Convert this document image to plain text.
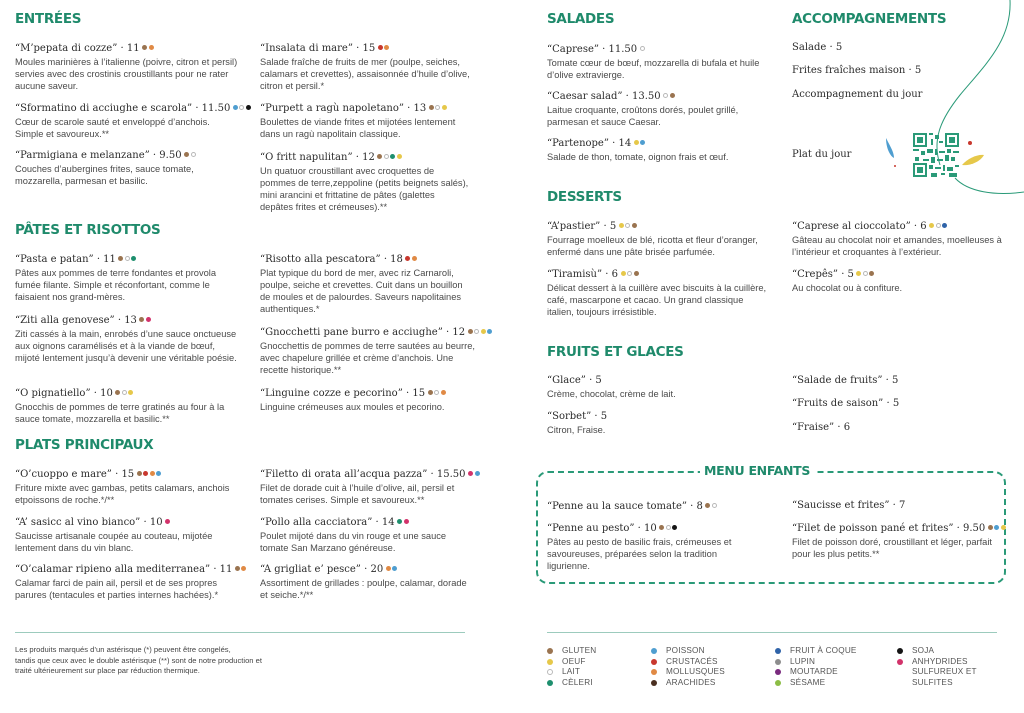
ENTRÉES
“M’pepata di cozze” · 11
Moules marinières à l’italienne (poivre, citron et persil) servies avec des crostinis croustillants pour ne rater aucune saveur.
“Sformatino di acciughe e scarola” · 11.50
Cœur de scarole sauté et enveloppé d’anchois. Simple et savoureux.**
“Parmigiana e melanzane” · 9.50
Couches d’aubergines frites, sauce tomate, mozzarella, parmesan et basilic.
“Insalata di mare” · 15
Salade fraîche de fruits de mer (poulpe, seiches, calamars et crevettes), assaisonnée d’huile d’olive, citron et persil.*
“Purpett a ragù napoletano” · 13
Boulettes de viande frites et mijotées lentement dans un ragù napolitain classique.
“O fritt napulitan” · 12
Un quatuor croustillant avec croquettes de pommes de terre,zeppoline (petits beignets salés), mini arancini et frittatine de pâtes (galettes depâtes frites et crémeuses).**
PÂTES ET RISOTTOS
“Pasta e patan” · 11
Pâtes aux pommes de terre fondantes et provola fumée filante. Simple et réconfortant, comme le faisaient nos grand-mères.
“Ziti alla genovese” · 13
Ziti cassés à la main, enrobés d’une sauce onctueuse aux oignons caramélisés et à la viande de bœuf, mijoté lentement jusqu’à devenir une véritable poésie.
“O pignatiello” · 10
Gnocchis de pommes de terre gratinés au four à la sauce tomate, mozzarella et basilic.**
“Risotto alla pescatora” · 18
Plat typique du bord de mer, avec riz Carnaroli, poulpe, seiche et crevettes. Cuit dans un bouillon de moules et de palourdes. Saveurs napolitaines authentiques.*
“Gnocchetti pane burro e acciughe” · 12
Gnocchettis de pommes de terre sautées au beurre, avec chapelure grillée et crème d’anchois. Une recette historique.**
“Linguine cozze e pecorino” · 15
Linguine crémeuses aux moules et pecorino.
PLATS PRINCIPAUX
“O’cuoppo e mare” · 15
Friture mixte avec gambas, petits calamars, anchois etpoissons de roche.*/**
“A’ sasicc al vino bianco” · 10
Saucisse artisanale coupée au couteau, mijotée lentement dans du vin blanc.
“O’calamar ripieno alla mediterranea” · 11
Calamar farci de pain ail, persil et de ses propres parures (tentacules et parties internes hachées).*
“Filetto di orata all’acqua pazza” · 15.50
Filet de dorade cuit à l’huile d’olive, ail, persil et tomates cerises. Simple et savoureux.**
“Pollo alla cacciatora” · 14
Poulet mijoté dans du vin rouge et une sauce tomate San Marzano généreuse.
“A grigliat e’ pesce” · 20
Assortiment de grillades : poulpe, calamar, dorade et seiche.*/**
Les produits marqués d’un astérisque (*) peuvent être congelés,
tandis que ceux avec le double astérisque (**) sont de notre production et
traité ultérieurement sur place par réduction thermique.
SALADES
“Caprese” · 11.50
Tomate cœur de bœuf, mozzarella di bufala et huile d’olive extravierge.
“Caesar salad” · 13.50
Laitue croquante, croûtons dorés, poulet grillé, parmesan et sauce Caesar.
“Partenope” · 14
Salade de thon, tomate, oignon frais et œuf.
ACCOMPAGNEMENTS
Salade · 5
Frites fraîches maison · 5
Accompagnement du jour
Plat du jour
DESSERTS
“A’pastier” · 5
Fourrage moelleux de blé, ricotta et fleur d’oranger, enfermé dans une pâte brisée parfumée.
“Tiramisù” · 6
Délicat dessert à la cuillère avec biscuits à la cuillère, café, mascarpone et cacao. Un grand classique italien, toujours irrésistible.
“Caprese al cioccolato” · 6
Gâteau au chocolat noir et amandes, moelleuses à l’intérieur et croquantes à l’extérieur.
“Crepês” · 5
Au chocolat ou à confiture.
FRUITS ET GLACES
“Glace” · 5
Crème, chocolat, crème de lait.
“Sorbet” · 5
Citron, Fraise.
“Salade de fruits” · 5
“Fruits de saison” · 5
“Fraise” · 6
MENU ENFANTS
“Penne au la sauce tomate” · 8
“Penne au pesto” · 10
Pâtes au pesto de basilic frais, crémeuses et savoureuses, préparées selon la tradition ligurienne.
“Saucisse et frites” · 7
“Filet de poisson pané et frites” · 9.50
Filet de poisson doré, croustillant et léger, parfait pour les plus petits.**
GLUTEN
OEUF
LAIT
CÈLERI
POISSON
CRUSTACÉS
MOLLUSQUES
ARACHIDES
FRUIT À COQUE
LUPIN
MOUTARDE
SÉSAME
SOJA
ANHYDRIDES SULFUREUX ET SULFITES
